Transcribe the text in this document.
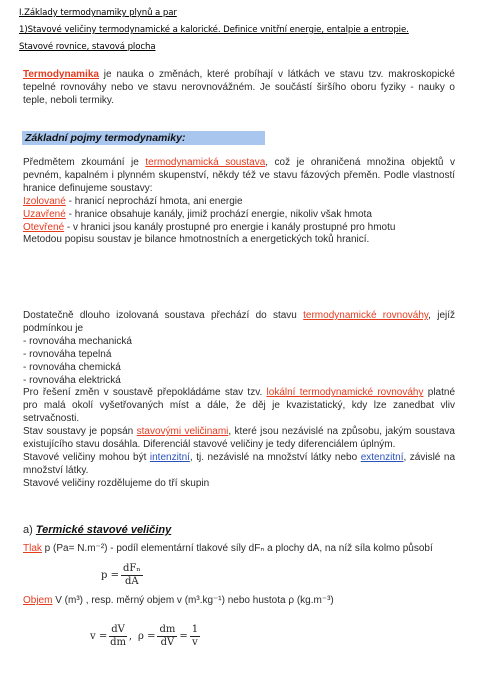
I.Základy termodynamiky plynů a par
1)Stavové veličiny termodynamické a kalorické. Definice vnitřní energie, entalpie a entropie.
Stavové rovnice, stavová plocha

Termodynamika je nauka o změnách, které probíhají v látkách ve stavu tzv. makroskopické tepelné rovnováhy nebo ve stavu nerovnovážném. Je součástí širšího oboru fyziky - nauky o teple, neboli termiky.

Základní pojmy termodynamiky:

Předmětem zkoumání je termodynamická soustava, což je ohraničená množina objektů v pevném, kapalném i plynném skupenství, někdy též ve stavu fázových přeměn. Podle vlastností hranice definujeme soustavy:

Izolované - hranicí neprochází hmota, ani energie

Uzavřené - hranice obsahuje kanály, jimiž prochází energie, nikoliv však hmota

Otevřené - v hranici jsou kanály prostupné pro energie i kanály prostupné pro hmotu

Metodou popisu soustav je bilance hmotnostních a energetických toků hranicí.

Dostatečně dlouho izolovaná soustava přechází do stavu termodynamické rovnováhy, jejíž podmínkou je

- rovnováha mechanická

- rovnováha tepelná

- rovnováha chemická

- rovnováha elektrická

Pro řešení změn v soustavě přepokládáme stav tzv. lokální termodynamické rovnováhy platné pro malá okolí vyšetřovaných míst a dále, že děj je kvazistatický, kdy lze zanedbat vliv setrvačnosti.

Stav soustavy je popsán stavovými veličinami, které jsou nezávislé na způsobu, jakým soustava existujícího stavu dosáhla. Diferenciál stavové veličiny je tedy diferenciálem úplným.

Stavové veličiny mohou být intenzitní, tj. nezávislé na množství látky nebo extenzitní, závislé na množství látky.

Stavové veličiny rozdělujeme do tří skupin

a) Termické stavové veličiny

Tlak p (Pa= N.m⁻²) - podíl elementární tlakové síly dFₙ a plochy dA, na níž síla kolmo působí

$p = \frac{\text{dFₙ}}{dA}$

Objem V (m³) , resp. měrný objem v (m³.kg⁻¹) nebo hustota ρ (kg.m⁻³)

$v = \frac{dV}{dm}$ , $\rho = \frac{dm}{dV} = \frac{1}{v}$
